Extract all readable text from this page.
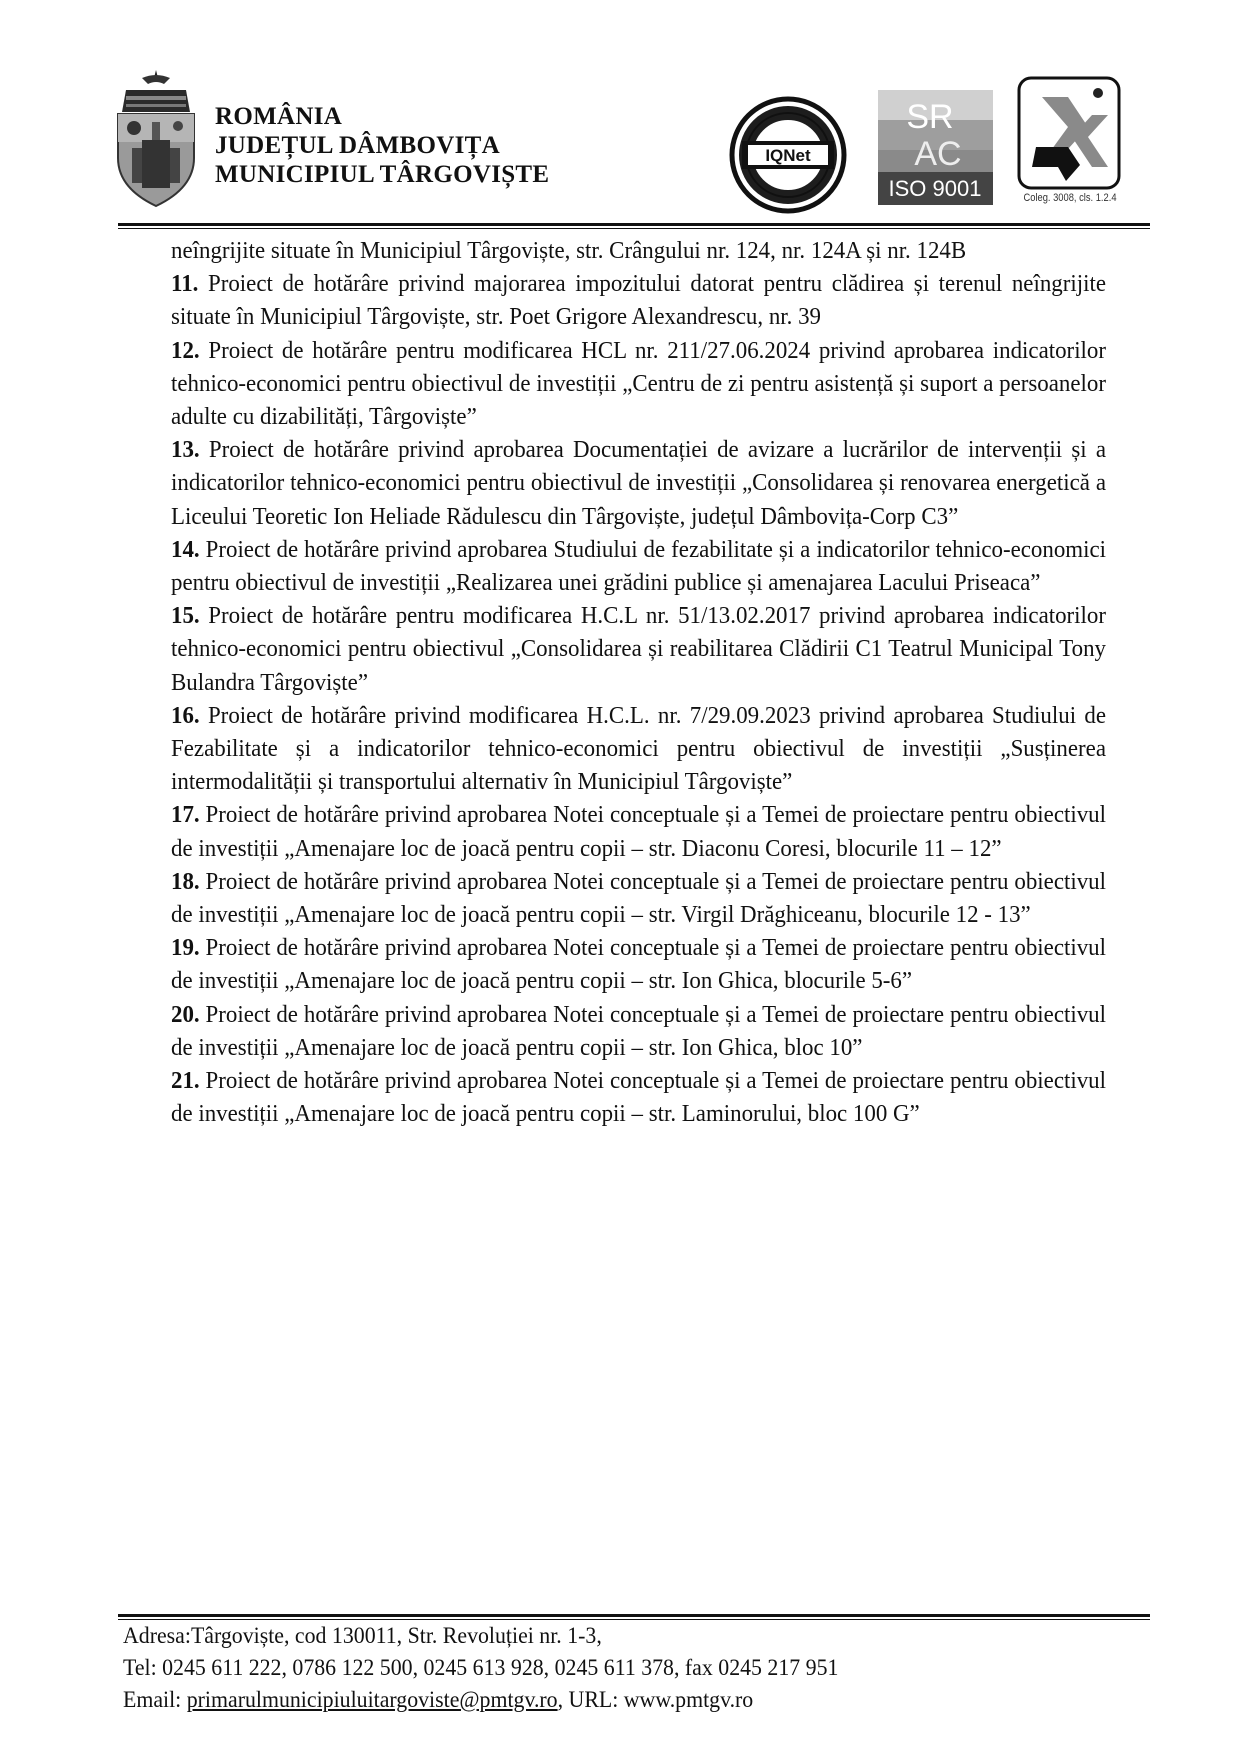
ROMÂNIA
JUDEȚUL DÂMBOVIȚA
MUNICIPIUL TÂRGOVIȘTE
IQNet
SR
AC
ISO 9001	Coleg. 3008, cls. 1.2.4

neîngrijite situate în Municipiul Târgoviște, str. Crângului nr. 124, nr. 124A și nr. 124B

11. Proiect de hotărâre privind majorarea impozitului datorat pentru clădirea și terenul neîngrijite situate în Municipiul Târgoviște, str. Poet Grigore Alexandrescu, nr. 39

12. Proiect de hotărâre pentru modificarea HCL nr. 211/27.06.2024 privind aprobarea indicatorilor tehnico-economici pentru obiectivul de investiții „Centru de zi pentru asistență și suport a persoanelor adulte cu dizabilități, Târgoviște”

13. Proiect de hotărâre privind aprobarea Documentației de avizare a lucrărilor de intervenții și a indicatorilor tehnico-economici pentru obiectivul de investiții „Consolidarea și renovarea energetică a Liceului Teoretic Ion Heliade Rădulescu din Târgoviște, județul Dâmbovița-Corp C3”

14. Proiect de hotărâre privind aprobarea Studiului de fezabilitate și a indicatorilor tehnico-economici pentru obiectivul de investiții „Realizarea unei grădini publice și amenajarea Lacului Priseaca”

15. Proiect de hotărâre pentru modificarea H.C.L nr. 51/13.02.2017 privind aprobarea indicatorilor tehnico-economici pentru obiectivul „Consolidarea și reabilitarea Clădirii C1 Teatrul Municipal Tony Bulandra Târgoviște”

16. Proiect de hotărâre privind modificarea H.C.L. nr. 7/29.09.2023 privind aprobarea Studiului de Fezabilitate și a indicatorilor tehnico-economici pentru obiectivul de investiții „Susținerea intermodalității și transportului alternativ în Municipiul Târgoviște”

17. Proiect de hotărâre privind aprobarea Notei conceptuale și a Temei de proiectare pentru obiectivul de investiții „Amenajare loc de joacă pentru copii – str. Diaconu Coresi, blocurile 11 – 12”

18. Proiect de hotărâre privind aprobarea Notei conceptuale și a Temei de proiectare pentru obiectivul de investiții „Amenajare loc de joacă pentru copii – str. Virgil Drăghiceanu, blocurile 12 - 13”

19. Proiect de hotărâre privind aprobarea Notei conceptuale și a Temei de proiectare pentru obiectivul de investiții „Amenajare loc de joacă pentru copii – str. Ion Ghica, blocurile 5-6”

20. Proiect de hotărâre privind aprobarea Notei conceptuale și a Temei de proiectare pentru obiectivul de investiții „Amenajare loc de joacă pentru copii – str. Ion Ghica, bloc 10”

21. Proiect de hotărâre privind aprobarea Notei conceptuale și a Temei de proiectare pentru obiectivul de investiții „Amenajare loc de joacă pentru copii – str. Laminorului, bloc 100 G”

Adresa:Târgoviște, cod 130011, Str. Revoluției nr. 1-3,
Tel: 0245 611 222, 0786 122 500, 0245 613 928, 0245 611 378, fax 0245 217 951
Email: primarulmunicipiuluitargoviste@pmtgv.ro, URL: www.pmtgv.ro
